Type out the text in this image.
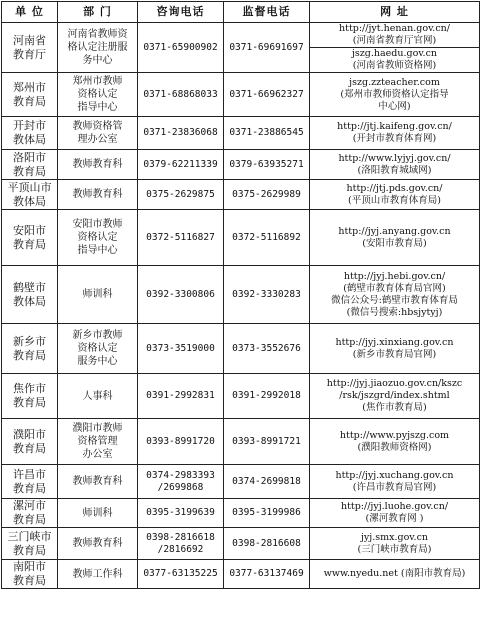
单 位	部 门	咨询电话	监督电话	网 址

河南省
教育厅	河南省教师资
格认定注册服
务中心	0371-65900902	0371-69691697	http://jyt.henan.gov.cn/
(河南省教育厅官网)

				jszg.haedu.gov.cn
(河南省教师资格网)

郑州市
教育局	郑州市教师
资格认定
指导中心	0371-68868033	0371-66962327	jszg.zzteacher.com
(郑州市教师资格认定指导
中心网)

开封市
教体局	教师资格管
理办公室	0371-23836068	0371-23886545	http://jtj.kaifeng.gov.cn/
(开封市教育体育网)

洛阳市
教育局	教师教育科	0379-62211339	0379-63935271	http://www.lyjyj.gov.cn/
(洛阳教育城域网)

平顶山市
教体局	教师教育科	0375-2629875	0375-2629989	http://jtj.pds.gov.cn/
(平顶山市教育体育局)

安阳市
教育局	安阳市教师
资格认定
指导中心	0372-5116827	0372-5116892	http://jyj.anyang.gov.cn
(安阳市教育局)

鹤壁市
教体局	师训科	0392-3300806	0392-3330283	http://jyj.hebi.gov.cn/
(鹤壁市教育体育局官网)
微信公众号:鹤壁市教育体育局
(微信号搜索:hbsjytyj)

新乡市
教育局	新乡市教师
资格认定
服务中心	0373-3519000	0373-3552676	http://jyj.xinxiang.gov.cn
(新乡市教育局官网)

焦作市
教育局	人事科	0391-2992831	0391-2992018	http://jyj.jiaozuo.gov.cn/kszc
/rsk/jszgrd/index.shtml
(焦作市教育局)

濮阳市
教育局	濮阳市教师
资格管理
办公室	0393-8991720	0393-8991721	http://www.pyjszg.com
(濮阳教师资格网)

许昌市
教育局	教师教育科	0374-2983393
/2699868	0374-2699818	http://jyj.xuchang.gov.cn
(许昌市教育局官网)

漯河市
教育局	师训科	0395-3199639	0395-3199986	http://jyj.luohe.gov.cn/
(漯河教育网 )

三门峡市
教育局	教师教育科	0398-2816618
/2816692	0398-2816608	jyj.smx.gov.cn
(三门峡市教育局)

南阳市
教育局	教师工作科	0377-63135225	0377-63137469	www.nyedu.net (南阳市教育局)
